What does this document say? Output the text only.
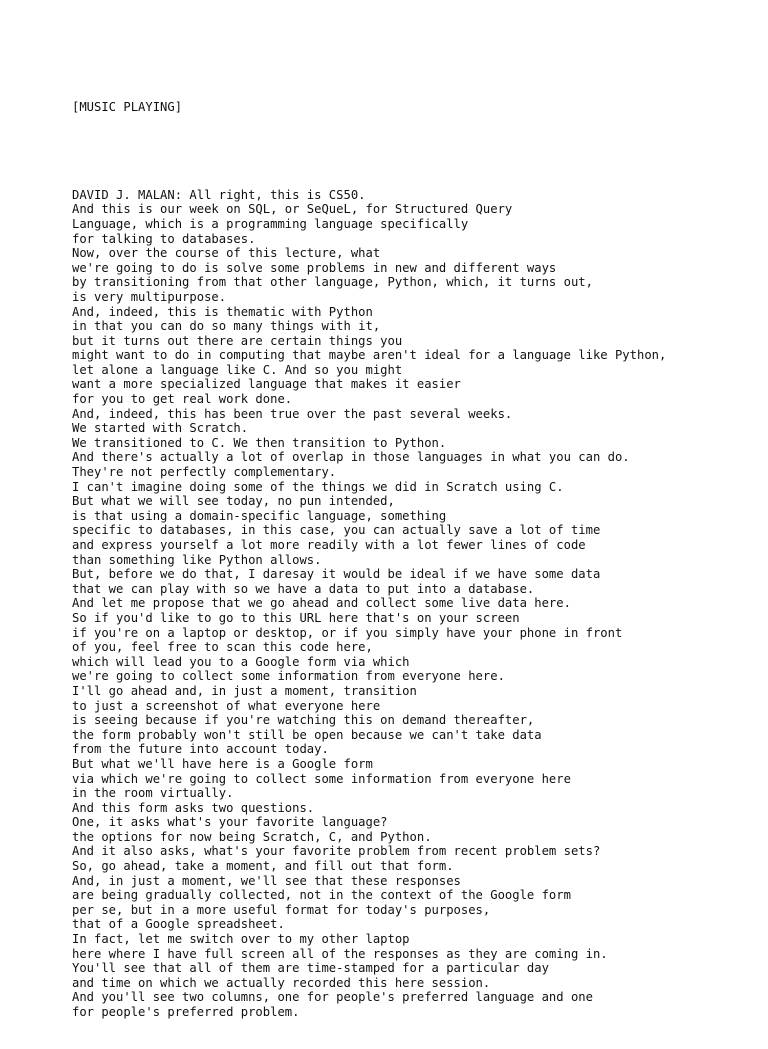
[MUSIC PLAYING]

DAVID J. MALAN: All right, this is CS50.
And this is our week on SQL, or SeQueL, for Structured Query
Language, which is a programming language specifically
for talking to databases.
Now, over the course of this lecture, what
we're going to do is solve some problems in new and different ways
by transitioning from that other language, Python, which, it turns out,
is very multipurpose.
And, indeed, this is thematic with Python
in that you can do so many things with it,
but it turns out there are certain things you
might want to do in computing that maybe aren't ideal for a language like Python,
let alone a language like C. And so you might
want a more specialized language that makes it easier
for you to get real work done.
And, indeed, this has been true over the past several weeks.
We started with Scratch.
We transitioned to C. We then transition to Python.
And there's actually a lot of overlap in those languages in what you can do.
They're not perfectly complementary.
I can't imagine doing some of the things we did in Scratch using C.
But what we will see today, no pun intended,
is that using a domain-specific language, something
specific to databases, in this case, you can actually save a lot of time
and express yourself a lot more readily with a lot fewer lines of code
than something like Python allows.
But, before we do that, I daresay it would be ideal if we have some data
that we can play with so we have a data to put into a database.
And let me propose that we go ahead and collect some live data here.
So if you'd like to go to this URL here that's on your screen
if you're on a laptop or desktop, or if you simply have your phone in front
of you, feel free to scan this code here,
which will lead you to a Google form via which
we're going to collect some information from everyone here.
I'll go ahead and, in just a moment, transition
to just a screenshot of what everyone here
is seeing because if you're watching this on demand thereafter,
the form probably won't still be open because we can't take data
from the future into account today.
But what we'll have here is a Google form
via which we're going to collect some information from everyone here
in the room virtually.
And this form asks two questions.
One, it asks what's your favorite language?
the options for now being Scratch, C, and Python.
And it also asks, what's your favorite problem from recent problem sets?
So, go ahead, take a moment, and fill out that form.
And, in just a moment, we'll see that these responses
are being gradually collected, not in the context of the Google form
per se, but in a more useful format for today's purposes,
that of a Google spreadsheet.
In fact, let me switch over to my other laptop
here where I have full screen all of the responses as they are coming in.
You'll see that all of them are time-stamped for a particular day
and time on which we actually recorded this here session.
And you'll see two columns, one for people's preferred language and one
for people's preferred problem.
